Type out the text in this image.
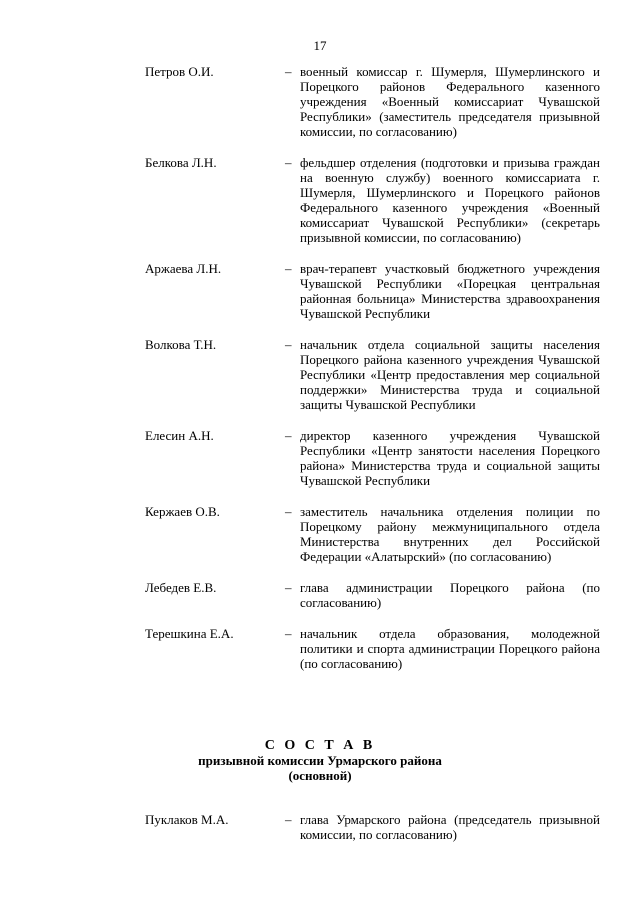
17
Петров О.И.	– военный комиссар г. Шумерля, Шумерлинского и Порецкого районов Федерального казенного учреждения «Военный комиссариат Чувашской Республики» (заместитель председателя призывной комиссии, по согласованию)
Белкова Л.Н.	– фельдшер отделения (подготовки и призыва граждан на военную службу) военного комиссариата г. Шумерля, Шумерлинского и Порецкого районов Федерального казенного учреждения «Военный комиссариат Чувашской Республики» (секретарь призывной комиссии, по согласованию)
Аржаева Л.Н.	– врач-терапевт участковый бюджетного учреждения Чувашской Республики «Порецкая центральная районная больница» Министерства здравоохранения Чувашской Республики
Волкова Т.Н.	– начальник отдела социальной защиты населения Порецкого района казенного учреждения Чувашской Республики «Центр предоставления мер социальной поддержки» Министерства труда и социальной защиты Чувашской Республики
Елесин А.Н.	– директор казенного учреждения Чувашской Республики «Центр занятости населения Порецкого района» Министерства труда и социальной защиты Чувашской Республики
Кержаев О.В.	– заместитель начальника отделения полиции по Порецкому району межмуниципального отдела Министерства внутренних дел Российской Федерации «Алатырский» (по согласованию)
Лебедев Е.В.	– глава администрации Порецкого района (по согласованию)
Терешкина Е.А.	– начальник отдела образования, молодежной политики и спорта администрации Порецкого района (по согласованию)
С О С Т А В
призывной комиссии Урмарского района
(основной)
Пуклаков М.А.	– глава Урмарского района (председатель призывной комиссии, по согласованию)
